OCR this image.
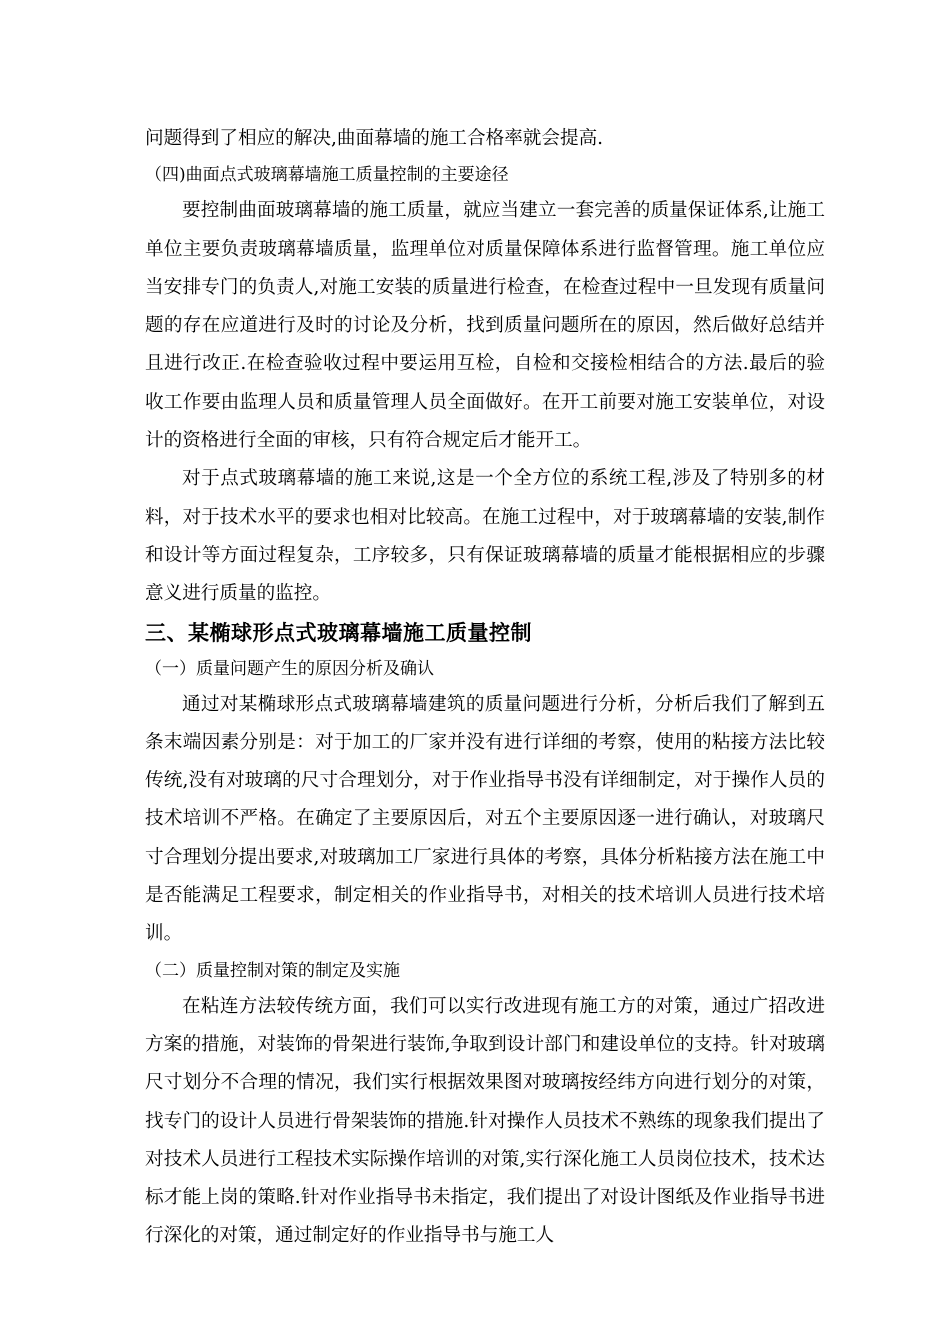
问题得到了相应的解决,曲面幕墙的施工合格率就会提高.

（四)曲面点式玻璃幕墙施工质量控制的主要途径

要控制曲面玻璃幕墙的施工质量，就应当建立一套完善的质量保证体系,让施工单位主要负责玻璃幕墙质量，监理单位对质量保障体系进行监督管理。施工单位应当安排专门的负责人,对施工安装的质量进行检查，在检查过程中一旦发现有质量问题的存在应道进行及时的讨论及分析，找到质量问题所在的原因，然后做好总结并且进行改正.在检查验收过程中要运用互检，自检和交接检相结合的方法.最后的验收工作要由监理人员和质量管理人员全面做好。在开工前要对施工安装单位，对设计的资格进行全面的审核，只有符合规定后才能开工。

对于点式玻璃幕墙的施工来说,这是一个全方位的系统工程,涉及了特别多的材料，对于技术水平的要求也相对比较高。在施工过程中，对于玻璃幕墙的安装,制作和设计等方面过程复杂，工序较多，只有保证玻璃幕墙的质量才能根据相应的步骤意义进行质量的监控。

三、某椭球形点式玻璃幕墙施工质量控制

（一）质量问题产生的原因分析及确认

通过对某椭球形点式玻璃幕墙建筑的质量问题进行分析，分析后我们了解到五条末端因素分别是：对于加工的厂家并没有进行详细的考察，使用的粘接方法比较传统,没有对玻璃的尺寸合理划分，对于作业指导书没有详细制定，对于操作人员的技术培训不严格。在确定了主要原因后，对五个主要原因逐一进行确认，对玻璃尺寸合理划分提出要求,对玻璃加工厂家进行具体的考察，具体分析粘接方法在施工中是否能满足工程要求，制定相关的作业指导书，对相关的技术培训人员进行技术培训。

（二）质量控制对策的制定及实施

在粘连方法较传统方面，我们可以实行改进现有施工方的对策，通过广招改进方案的措施，对装饰的骨架进行装饰,争取到设计部门和建设单位的支持。针对玻璃尺寸划分不合理的情况，我们实行根据效果图对玻璃按经纬方向进行划分的对策，找专门的设计人员进行骨架装饰的措施.针对操作人员技术不熟练的现象我们提出了对技术人员进行工程技术实际操作培训的对策,实行深化施工人员岗位技术，技术达标才能上岗的策略.针对作业指导书未指定，我们提出了对设计图纸及作业指导书进行深化的对策，通过制定好的作业指导书与施工人
